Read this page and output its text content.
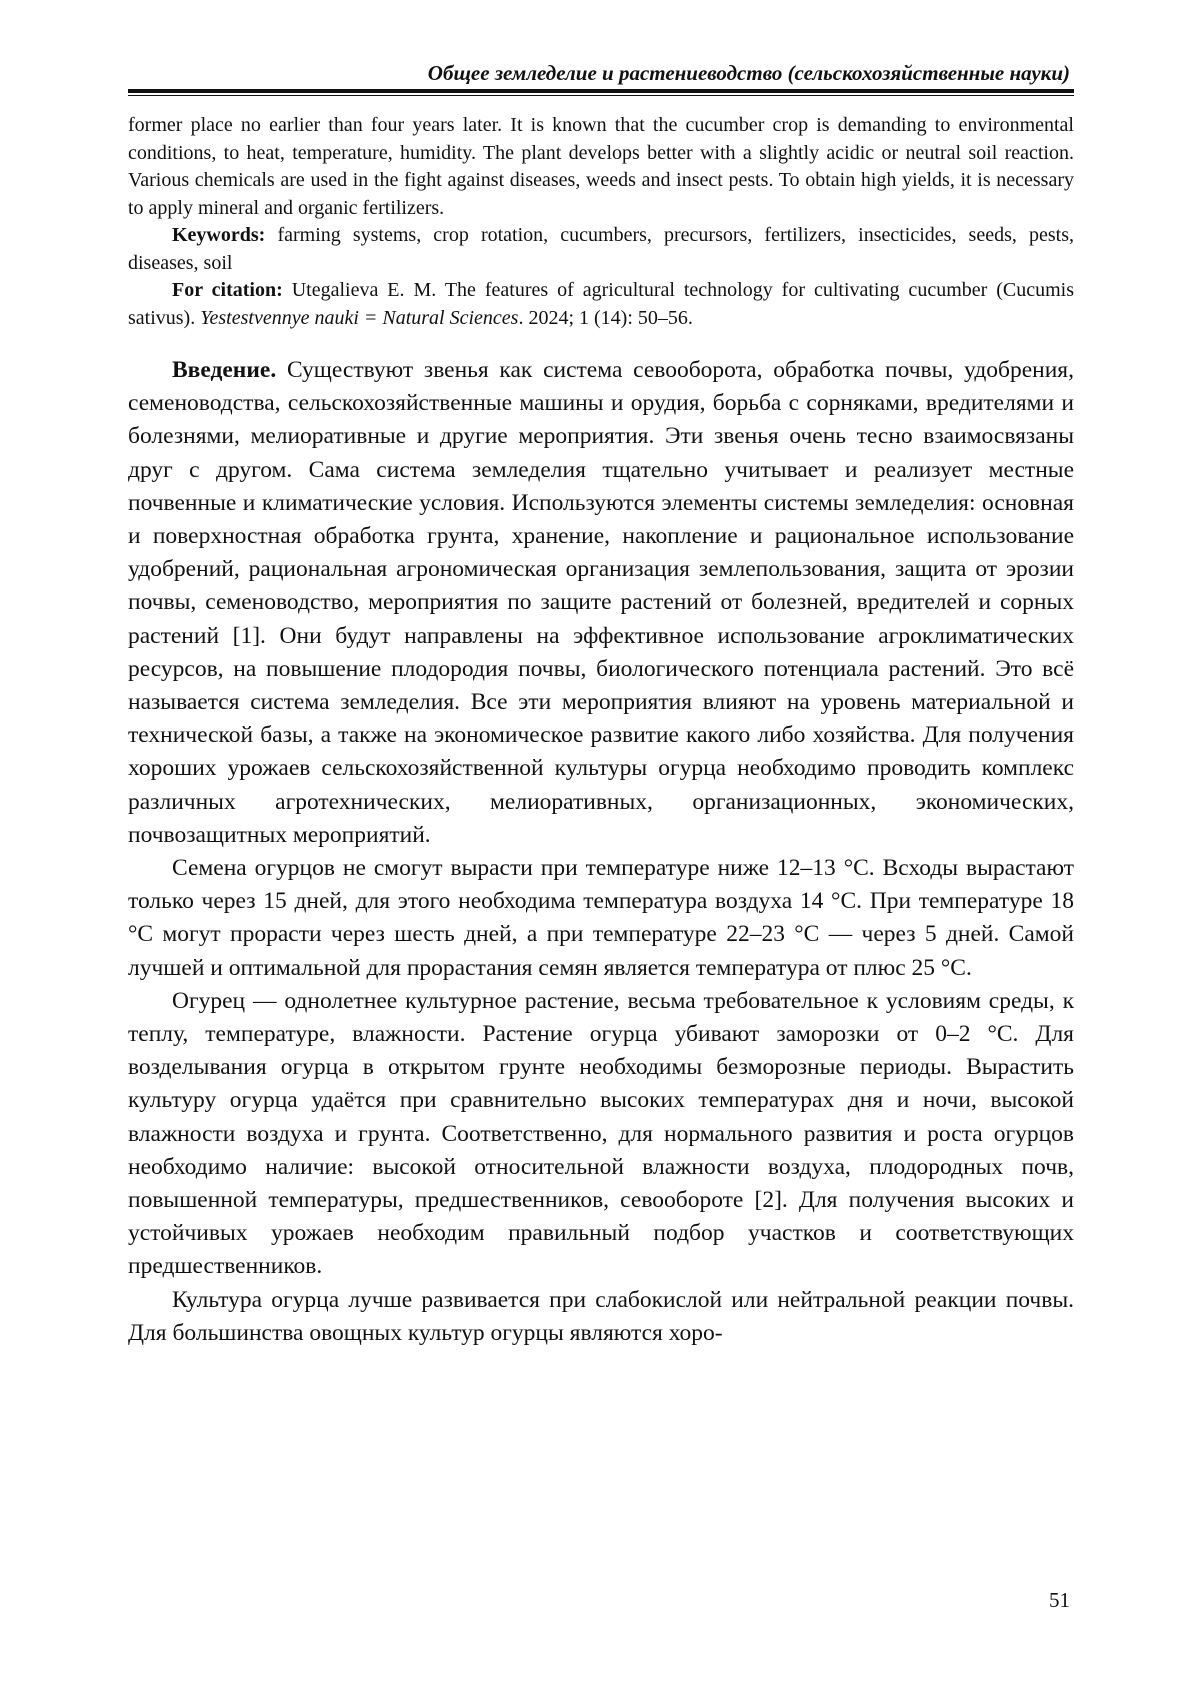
Общее земледелие и растениеводство (сельскохозяйственные науки)

former place no earlier than four years later. It is known that the cucumber crop is demanding to environmental conditions, to heat, temperature, humidity. The plant develops better with a slightly acidic or neutral soil reaction. Various chemicals are used in the fight against diseases, weeds and insect pests. To obtain high yields, it is necessary to apply mineral and organic fertilizers.

Keywords: farming systems, crop rotation, cucumbers, precursors, fertilizers, insecticides, seeds, pests, diseases, soil

For citation: Utegalieva E. M. The features of agricultural technology for cultivating cucumber (Cucumis sativus). Yestestvennye nauki = Natural Sciences. 2024; 1 (14): 50–56.

Введение. Существуют звенья как система севооборота, обработка почвы, удобрения, семеноводства, сельскохозяйственные машины и орудия, борьба с сорняками, вредителями и болезнями, мелиоративные и другие мероприятия. Эти звенья очень тесно взаимосвязаны друг с другом. Сама система земледелия тщательно учитывает и реализует местные почвенные и климатические условия. Используются элементы системы земледелия: основная и поверхностная обработка грунта, хранение, накопление и рациональное использование удобрений, рациональная агрономическая организация землепользования, защита от эрозии почвы, семеноводство, мероприятия по защите растений от болезней, вредителей и сорных растений [1]. Они будут направлены на эффективное использование агроклиматических ресурсов, на повышение плодородия почвы, биологического потенциала растений. Это всё называется система земледелия. Все эти мероприятия влияют на уровень материальной и технической базы, а также на экономическое развитие какого либо хозяйства. Для получения хороших урожаев сельскохозяйственной культуры огурца необходимо проводить комплекс различных агротехнических, мелиоративных, организационных, экономических, почвозащитных мероприятий.

Семена огурцов не смогут вырасти при температуре ниже 12–13 °С. Всходы вырастают только через 15 дней, для этого необходима температура воздуха 14 °С. При температуре 18 °С могут прорасти через шесть дней, а при температуре 22–23 °С — через 5 дней. Самой лучшей и оптимальной для прорастания семян является температура от плюс 25 °С.

Огурец — однолетнее культурное растение, весьма требовательное к условиям среды, к теплу, температуре, влажности. Растение огурца убивают заморозки от 0–2 °С. Для возделывания огурца в открытом грунте необходимы безморозные периоды. Вырастить культуру огурца удаётся при сравнительно высоких температурах дня и ночи, высокой влажности воздуха и грунта. Соответственно, для нормального развития и роста огурцов необходимо наличие: высокой относительной влажности воздуха, плодородных почв, повышенной температуры, предшественников, севообороте [2]. Для получения высоких и устойчивых урожаев необходим правильный подбор участков и соответствующих предшественников.

Культура огурца лучше развивается при слабокислой или нейтральной реакции почвы. Для большинства овощных культур огурцы являются хоро-

51
